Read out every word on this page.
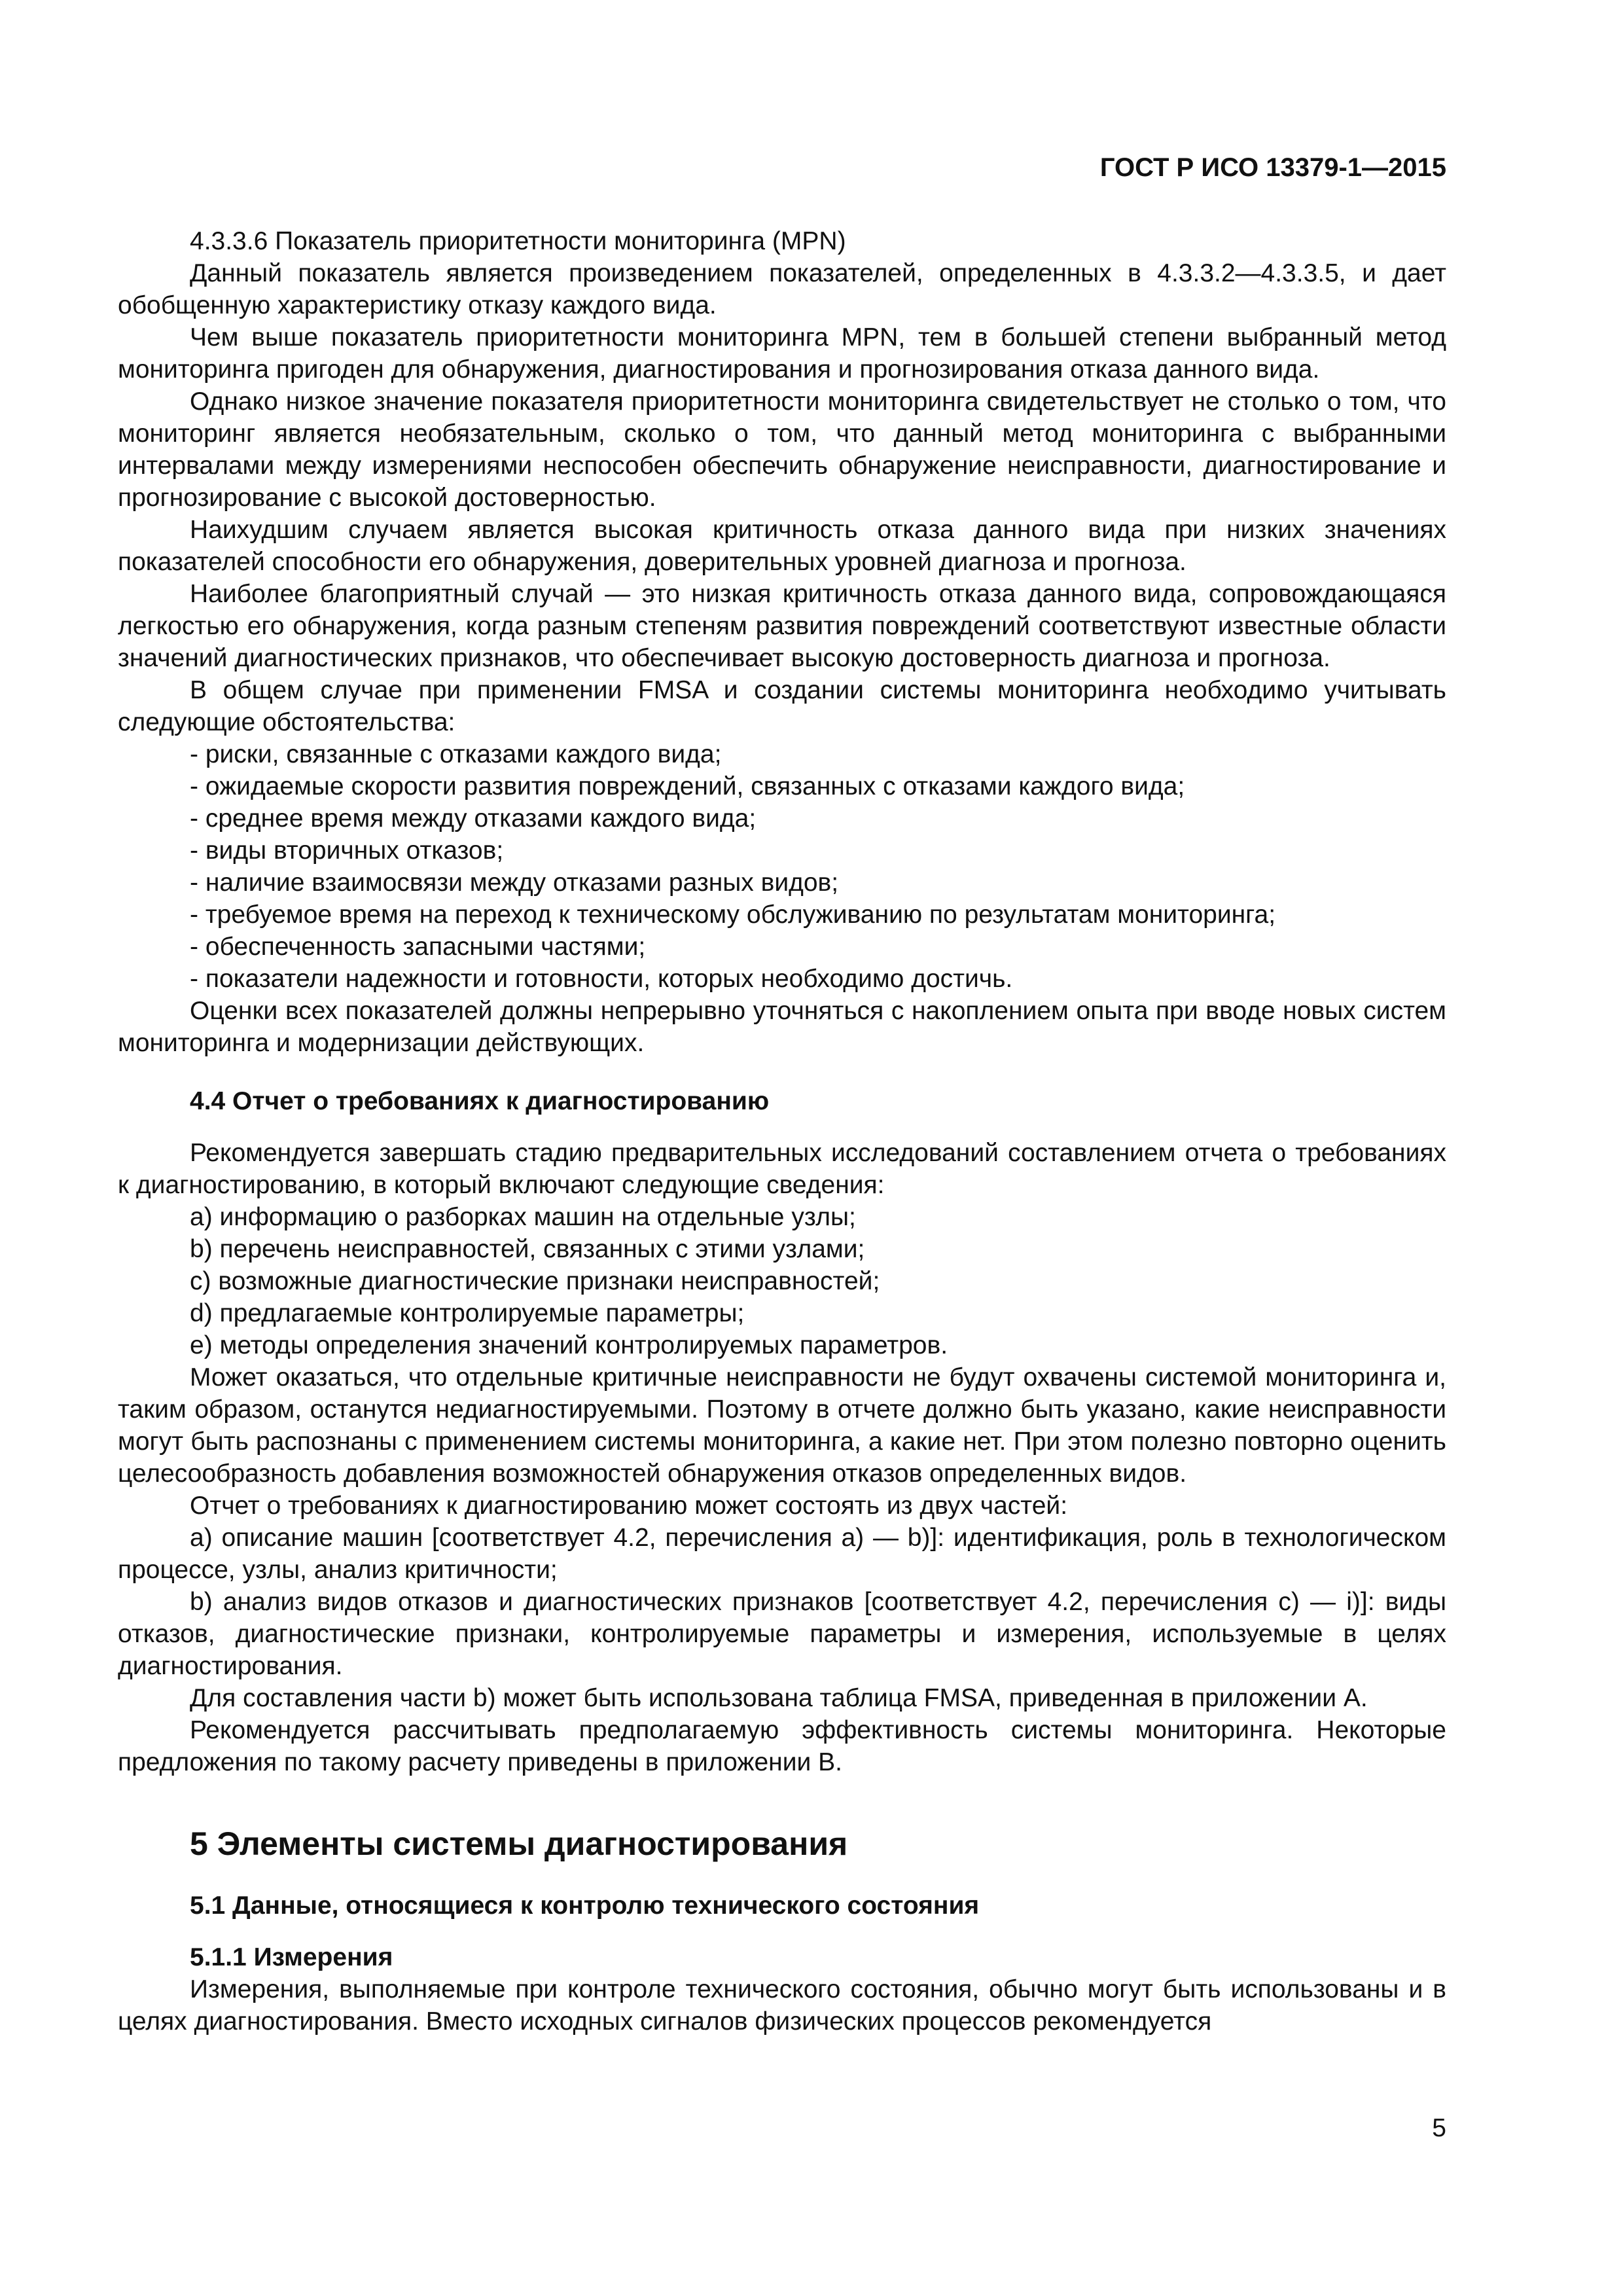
ГОСТ Р ИСО 13379-1—2015

4.3.3.6 Показатель приоритетности мониторинга (MPN)

Данный показатель является произведением показателей, определенных в 4.3.3.2—4.3.3.5, и дает обобщенную характеристику отказу каждого вида.

Чем выше показатель приоритетности мониторинга MPN, тем в большей степени выбранный метод мониторинга пригоден для обнаружения, диагностирования и прогнозирования отказа данного вида.

Однако низкое значение показателя приоритетности мониторинга свидетельствует не столько о том, что мониторинг является необязательным, сколько о том, что данный метод мониторинга с выбранными интервалами между измерениями неспособен обеспечить обнаружение неисправности, диагностирование и прогнозирование с высокой достоверностью.

Наихудшим случаем является высокая критичность отказа данного вида при низких значениях показателей способности его обнаружения, доверительных уровней диагноза и прогноза.

Наиболее благоприятный случай — это низкая критичность отказа данного вида, сопровождающаяся легкостью его обнаружения, когда разным степеням развития повреждений соответствуют известные области значений диагностических признаков, что обеспечивает высокую достоверность диагноза и прогноза.

В общем случае при применении FMSA и создании системы мониторинга необходимо учитывать следующие обстоятельства:

- риски, связанные с отказами каждого вида;

- ожидаемые скорости развития повреждений, связанных с отказами каждого вида;

- среднее время между отказами каждого вида;

- виды вторичных отказов;

- наличие взаимосвязи между отказами разных видов;

- требуемое время на переход к техническому обслуживанию по результатам мониторинга;

- обеспеченность запасными частями;

- показатели надежности и готовности, которых необходимо достичь.

Оценки всех показателей должны непрерывно уточняться с накоплением опыта при вводе новых систем мониторинга и модернизации действующих.

4.4 Отчет о требованиях к диагностированию

Рекомендуется завершать стадию предварительных исследований составлением отчета о требованиях к диагностированию, в который включают следующие сведения:

a) информацию о разборках машин на отдельные узлы;

b) перечень неисправностей, связанных с этими узлами;

c) возможные диагностические признаки неисправностей;

d) предлагаемые контролируемые параметры;

e) методы определения значений контролируемых параметров.

Может оказаться, что отдельные критичные неисправности не будут охвачены системой мониторинга и, таким образом, останутся недиагностируемыми. Поэтому в отчете должно быть указано, какие неисправности могут быть распознаны с применением системы мониторинга, а какие нет. При этом полезно повторно оценить целесообразность добавления возможностей обнаружения отказов определенных видов.

Отчет о требованиях к диагностированию может состоять из двух частей:

a) описание машин [соответствует 4.2, перечисления a) — b)]: идентификация, роль в технологическом процессе, узлы, анализ критичности;

b) анализ видов отказов и диагностических признаков [соответствует 4.2, перечисления c) — i)]: виды отказов, диагностические признаки, контролируемые параметры и измерения, используемые в целях диагностирования.

Для составления части b) может быть использована таблица FMSA, приведенная в приложении А.

Рекомендуется рассчитывать предполагаемую эффективность системы мониторинга. Некоторые предложения по такому расчету приведены в приложении B.

5 Элементы системы диагностирования

5.1 Данные, относящиеся к контролю технического состояния

5.1.1 Измерения

Измерения, выполняемые при контроле технического состояния, обычно могут быть использованы и в целях диагностирования. Вместо исходных сигналов физических процессов рекомендуется

5
